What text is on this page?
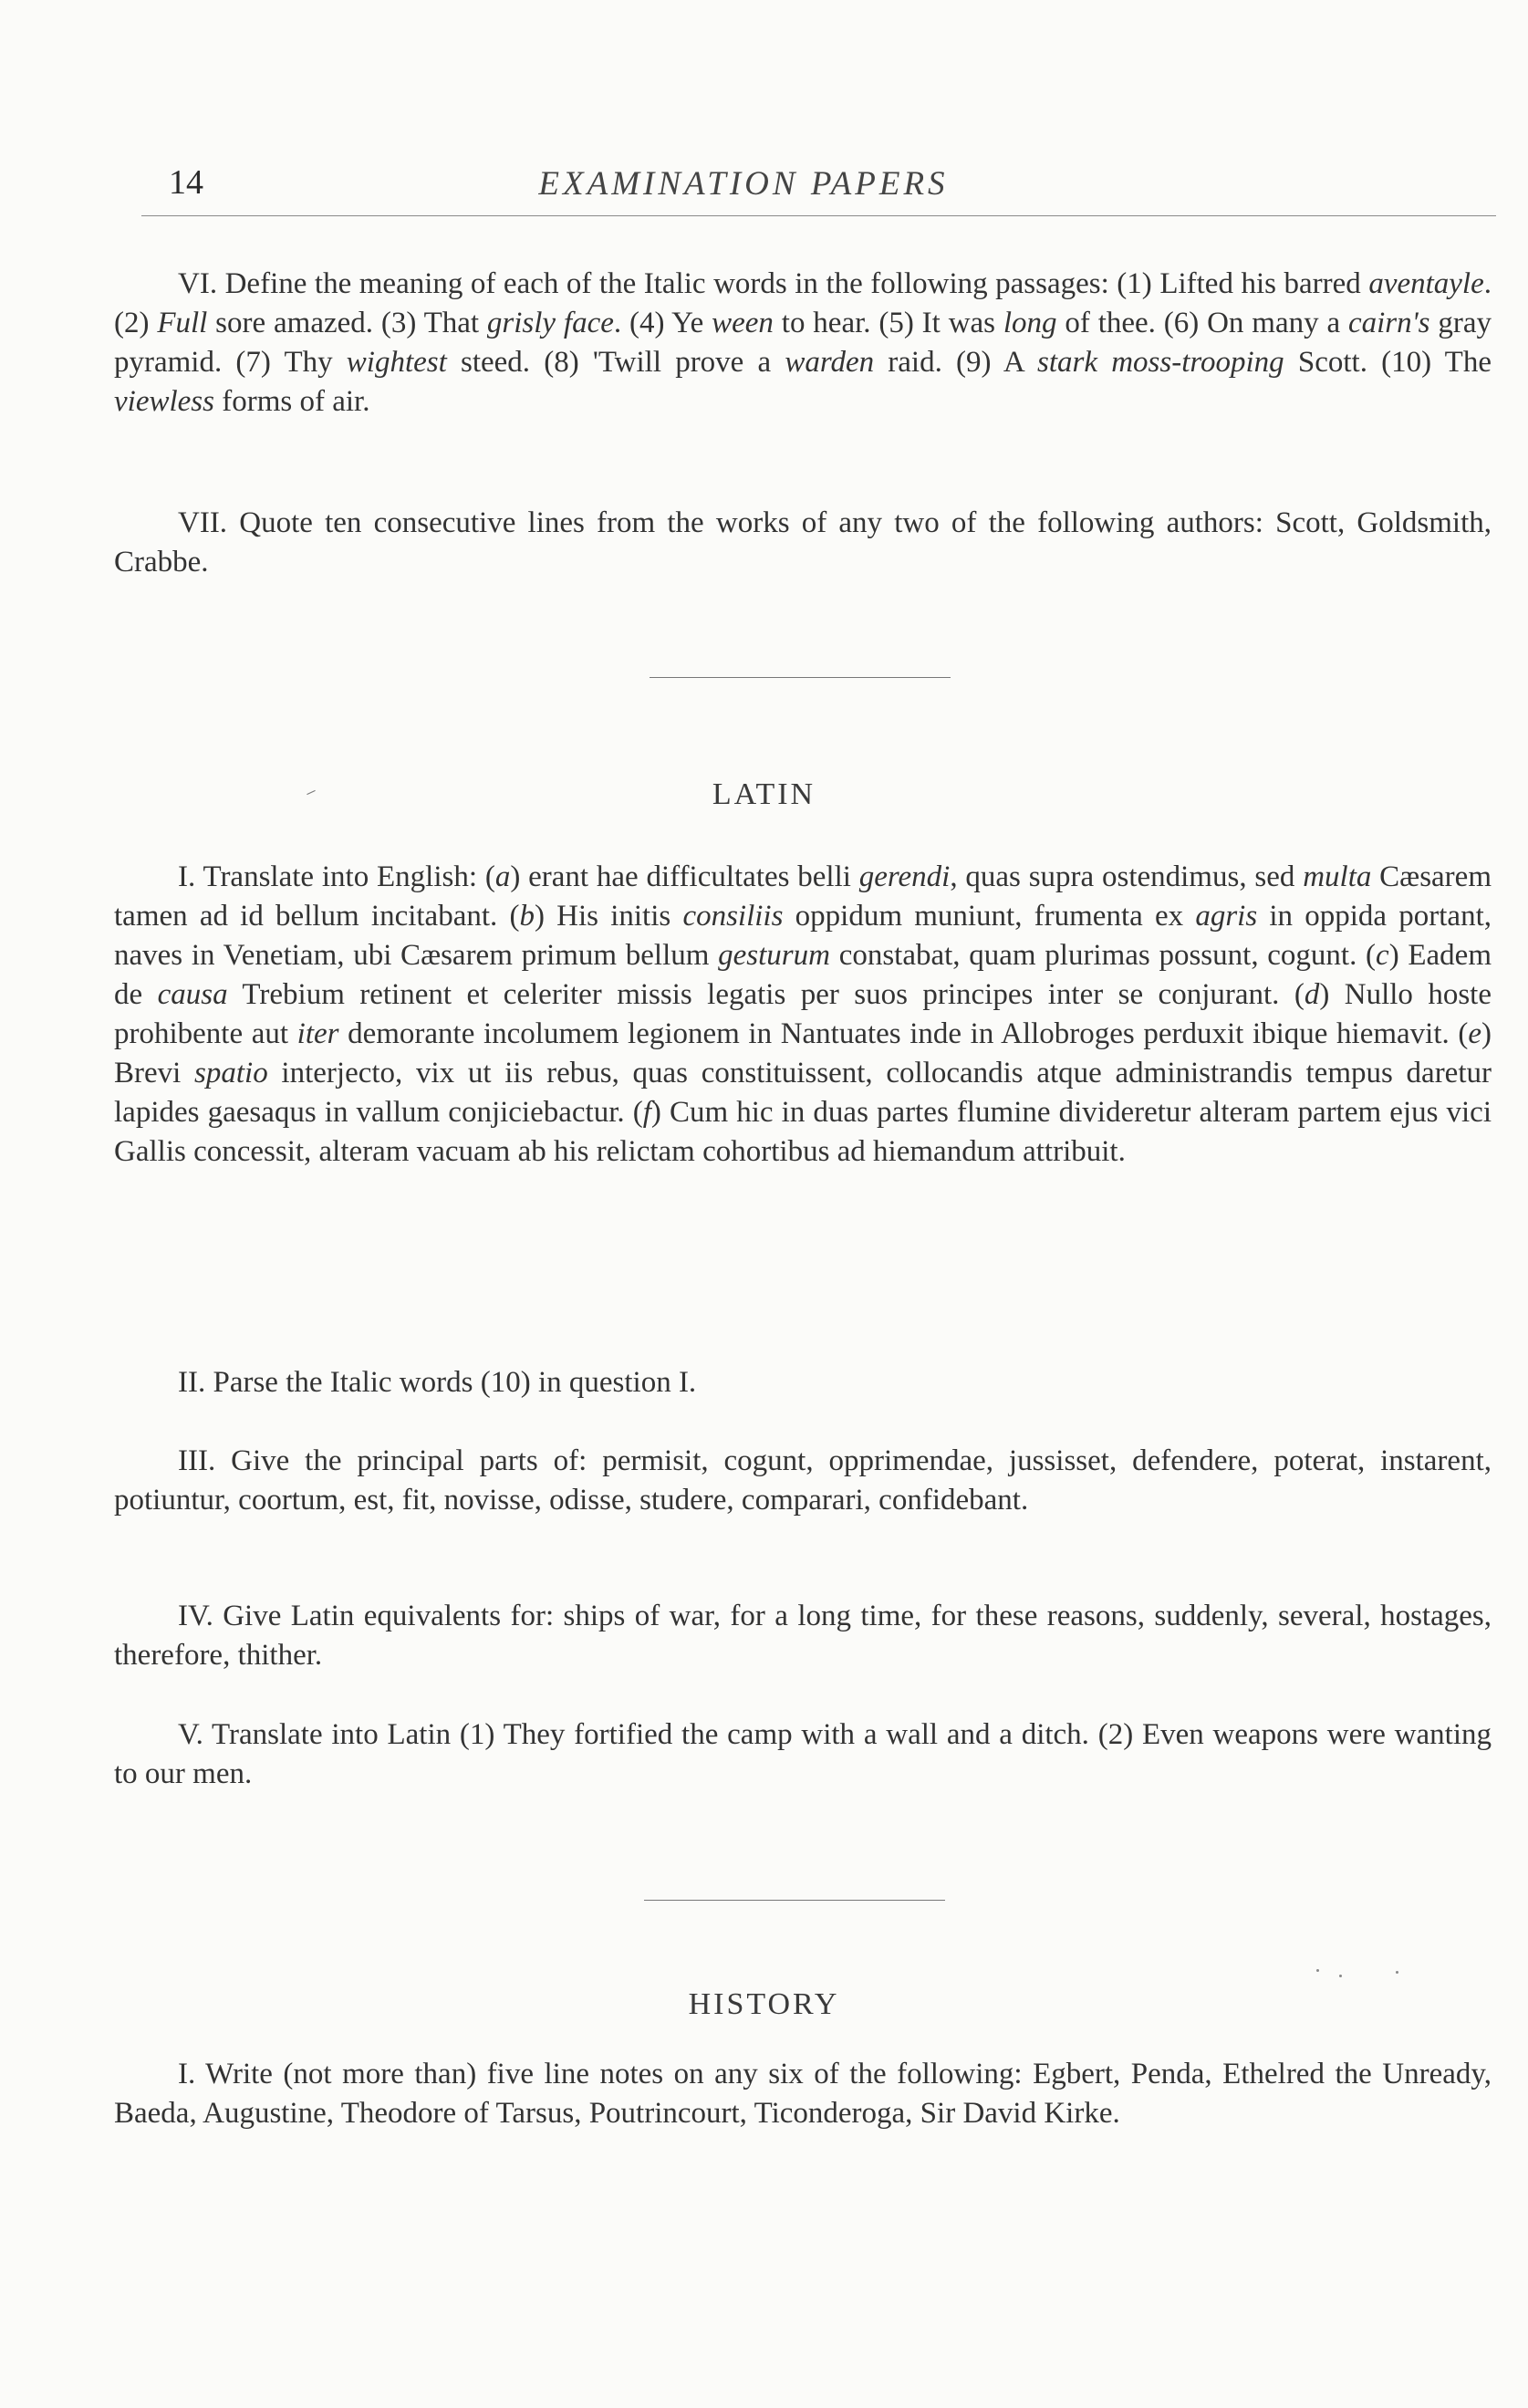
14	EXAMINATION PAPERS

VI. Define the meaning of each of the Italic words in the following passages: (1) Lifted his barred aventayle. (2) Full sore amazed. (3) That grisly face. (4) Ye ween to hear. (5) It was long of thee. (6) On many a cairn's gray pyramid. (7) Thy wightest steed. (8) 'Twill prove a warden raid. (9) A stark moss-trooping Scott. (10) The viewless forms of air.

VII. Quote ten consecutive lines from the works of any two of the following authors: Scott, Goldsmith, Crabbe.

LATIN

I. Translate into English: (a) erant hae difficultates belli gerendi, quas supra ostendimus, sed multa Cæsarem tamen ad id bellum incitabant. (b) His initis consiliis oppidum muniunt, frumenta ex agris in oppida portant, naves in Venetiam, ubi Cæsarem primum bellum gesturum constabat, quam plurimas possunt, cogunt. (c) Eadem de causa Trebium retinent et celeriter missis legatis per suos principes inter se conjurant. (d) Nullo hoste prohibente aut iter demorante incolumem legionem in Nantuates inde in Allobroges perduxit ibique hiemavit. (e) Brevi spatio interjecto, vix ut iis rebus, quas constituissent, collocandis atque administrandis tempus daretur lapides gaesaqus in vallum conjiciebactur. (f) Cum hic in duas partes flumine divideretur alteram partem ejus vici Gallis concessit, alteram vacuam ab his relictam cohortibus ad hiemandum attribuit.

II. Parse the Italic words (10) in question I.

III. Give the principal parts of: permisit, cogunt, opprimendae, jussisset, defendere, poterat, instarent, potiuntur, coortum, est, fit, novisse, odisse, studere, comparari, confidebant.

IV. Give Latin equivalents for: ships of war, for a long time, for these reasons, suddenly, several, hostages, therefore, thither.

V. Translate into Latin (1) They fortified the camp with a wall and a ditch. (2) Even weapons were wanting to our men.

HISTORY

I. Write (not more than) five line notes on any six of the following: Egbert, Penda, Ethelred the Unready, Baeda, Augustine, Theodore of Tarsus, Poutrincourt, Ticonderoga, Sir David Kirke.
